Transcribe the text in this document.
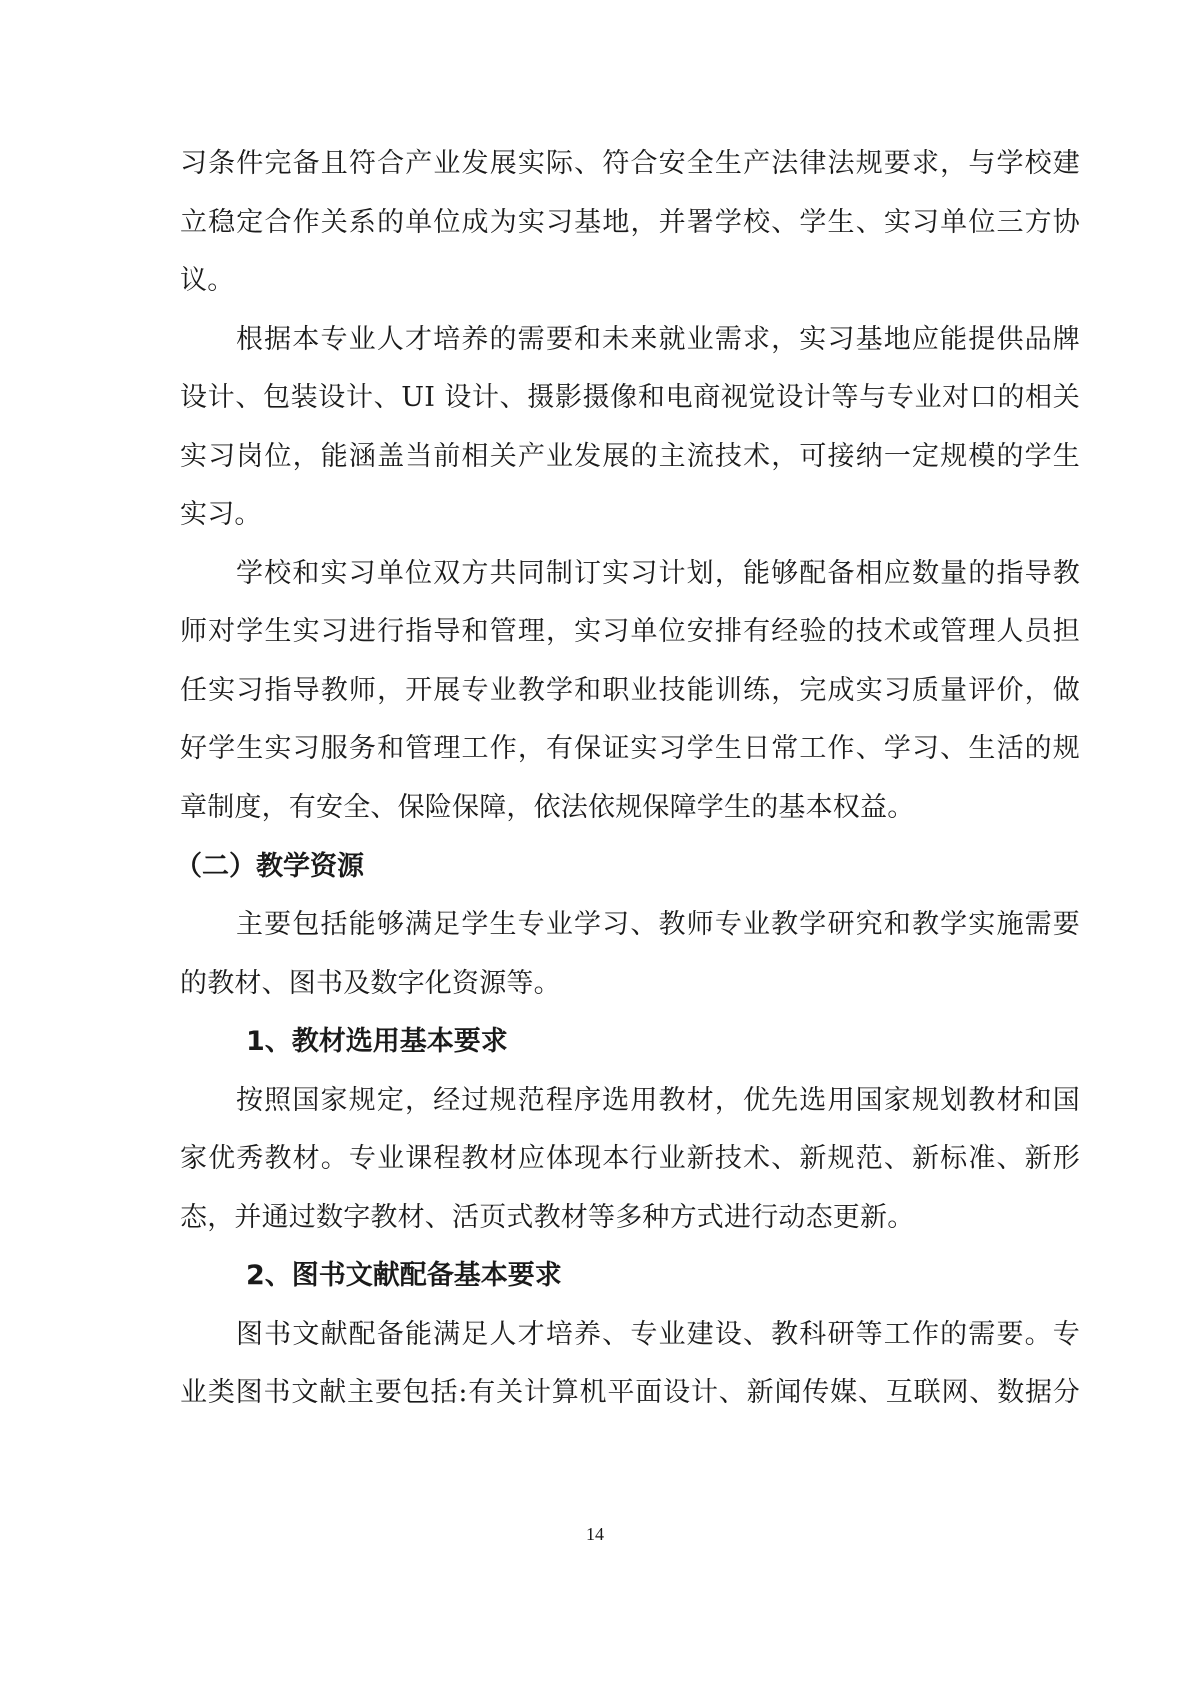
习条件完备且符合产业发展实际、符合安全生产法律法规要求，与学校建
立稳定合作关系的单位成为实习基地，并署学校、学生、实习单位三方协
议。
根据本专业人才培养的需要和未来就业需求，实习基地应能提供品牌
设计、包装设计、UI 设计、摄影摄像和电商视觉设计等与专业对口的相关
实习岗位，能涵盖当前相关产业发展的主流技术，可接纳一定规模的学生
实习。
学校和实习单位双方共同制订实习计划，能够配备相应数量的指导教
师对学生实习进行指导和管理，实习单位安排有经验的技术或管理人员担
任实习指导教师，开展专业教学和职业技能训练，完成实习质量评价，做
好学生实习服务和管理工作，有保证实习学生日常工作、学习、生活的规
章制度，有安全、保险保障，依法依规保障学生的基本权益。
（二）教学资源
主要包括能够满足学生专业学习、教师专业教学研究和教学实施需要
的教材、图书及数字化资源等。
1、教材选用基本要求
按照国家规定，经过规范程序选用教材，优先选用国家规划教材和国
家优秀教材。专业课程教材应体现本行业新技术、新规范、新标准、新形
态，并通过数字教材、活页式教材等多种方式进行动态更新。
2、图书文献配备基本要求
图书文献配备能满足人才培养、专业建设、教科研等工作的需要。专
业类图书文献主要包括:有关计算机平面设计、新闻传媒、互联网、数据分
14
